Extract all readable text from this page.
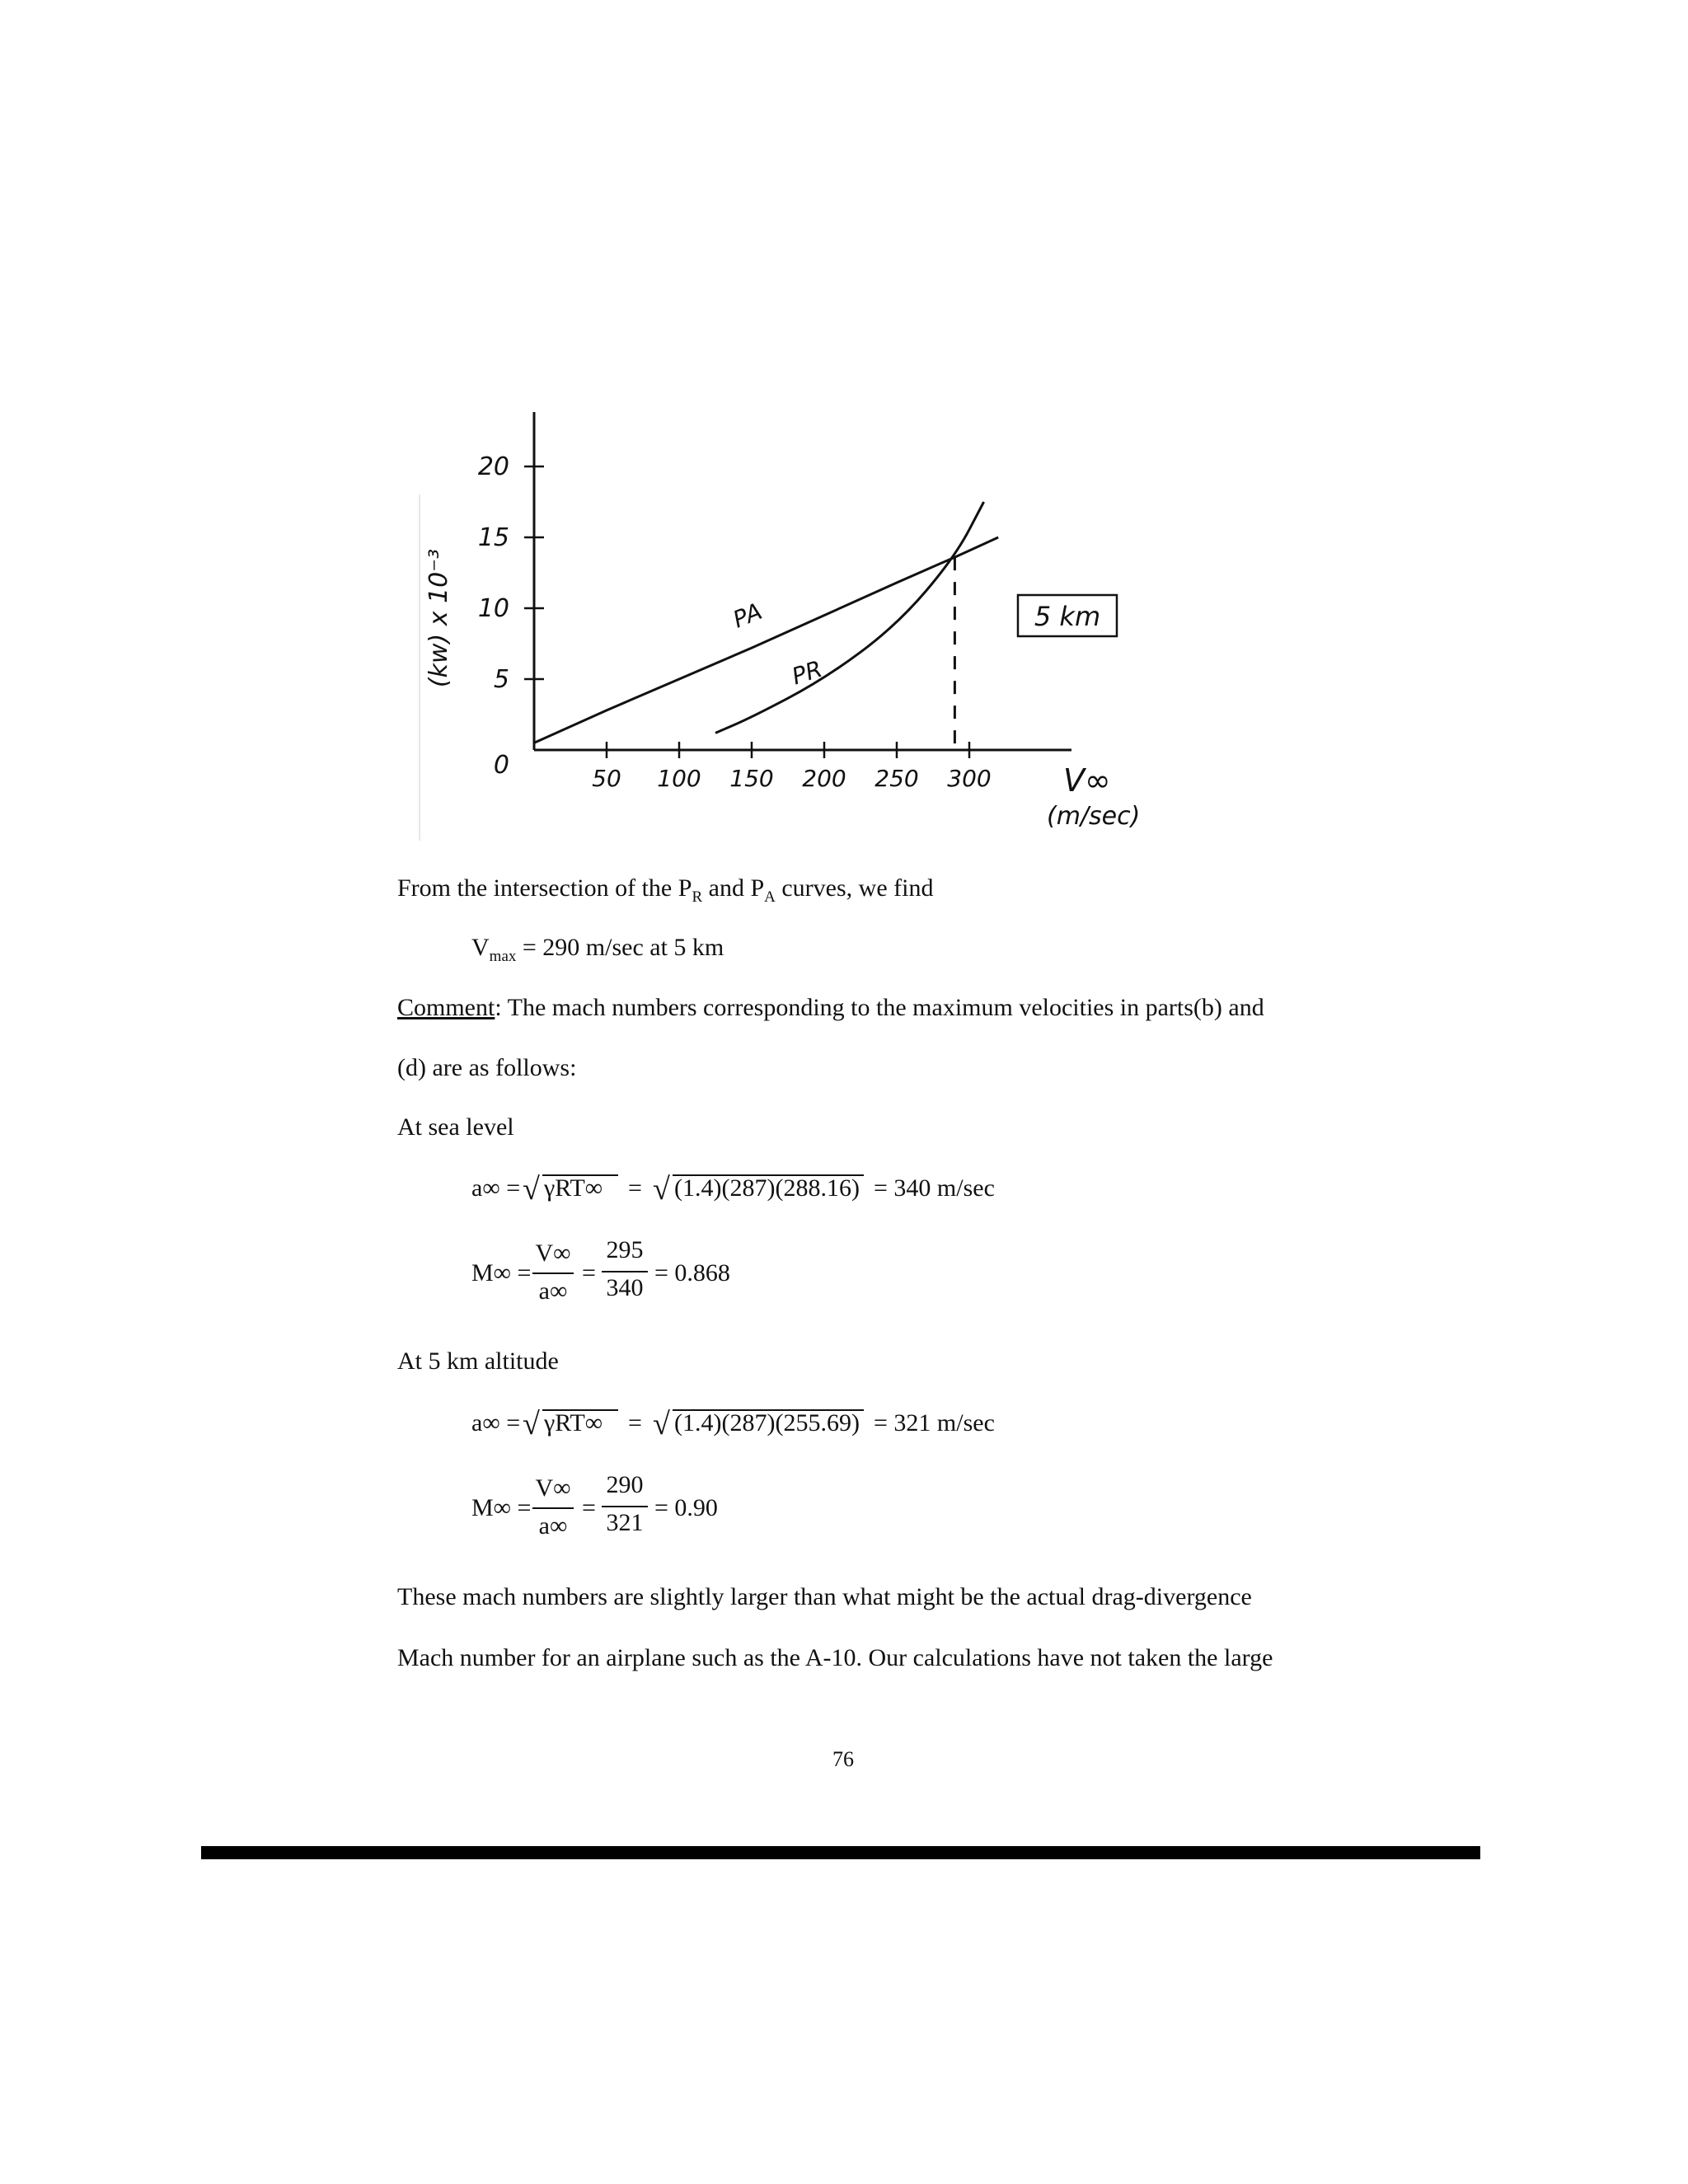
(kw) x 10⁻³
0
5
10
15
20
50 100 150 200 250 300
PA
PR
5 km
V∞
(m/sec)
From the intersection of the $P_R$ and $P_A$ curves, we find
$V_{max} = 290$ m/sec at 5 km
Comment: The mach numbers corresponding to the maximum velocities in parts(b) and
(d) are as follows:
At sea level
a∞ = √ γRT∞ = √ (1.4)(287)(288.16) = 340 m/sec
M∞ =
V∞
a∞
=
295
340
= 0.868
At 5 km altitude
a∞ = √ γRT∞ = √ (1.4)(287)(255.69) = 321 m/sec
M∞ =
V∞
a∞
=
290
321
= 0.90
These mach numbers are slightly larger than what might be the actual drag-divergence
Mach number for an airplane such as the A-10. Our calculations have not taken the large
76
